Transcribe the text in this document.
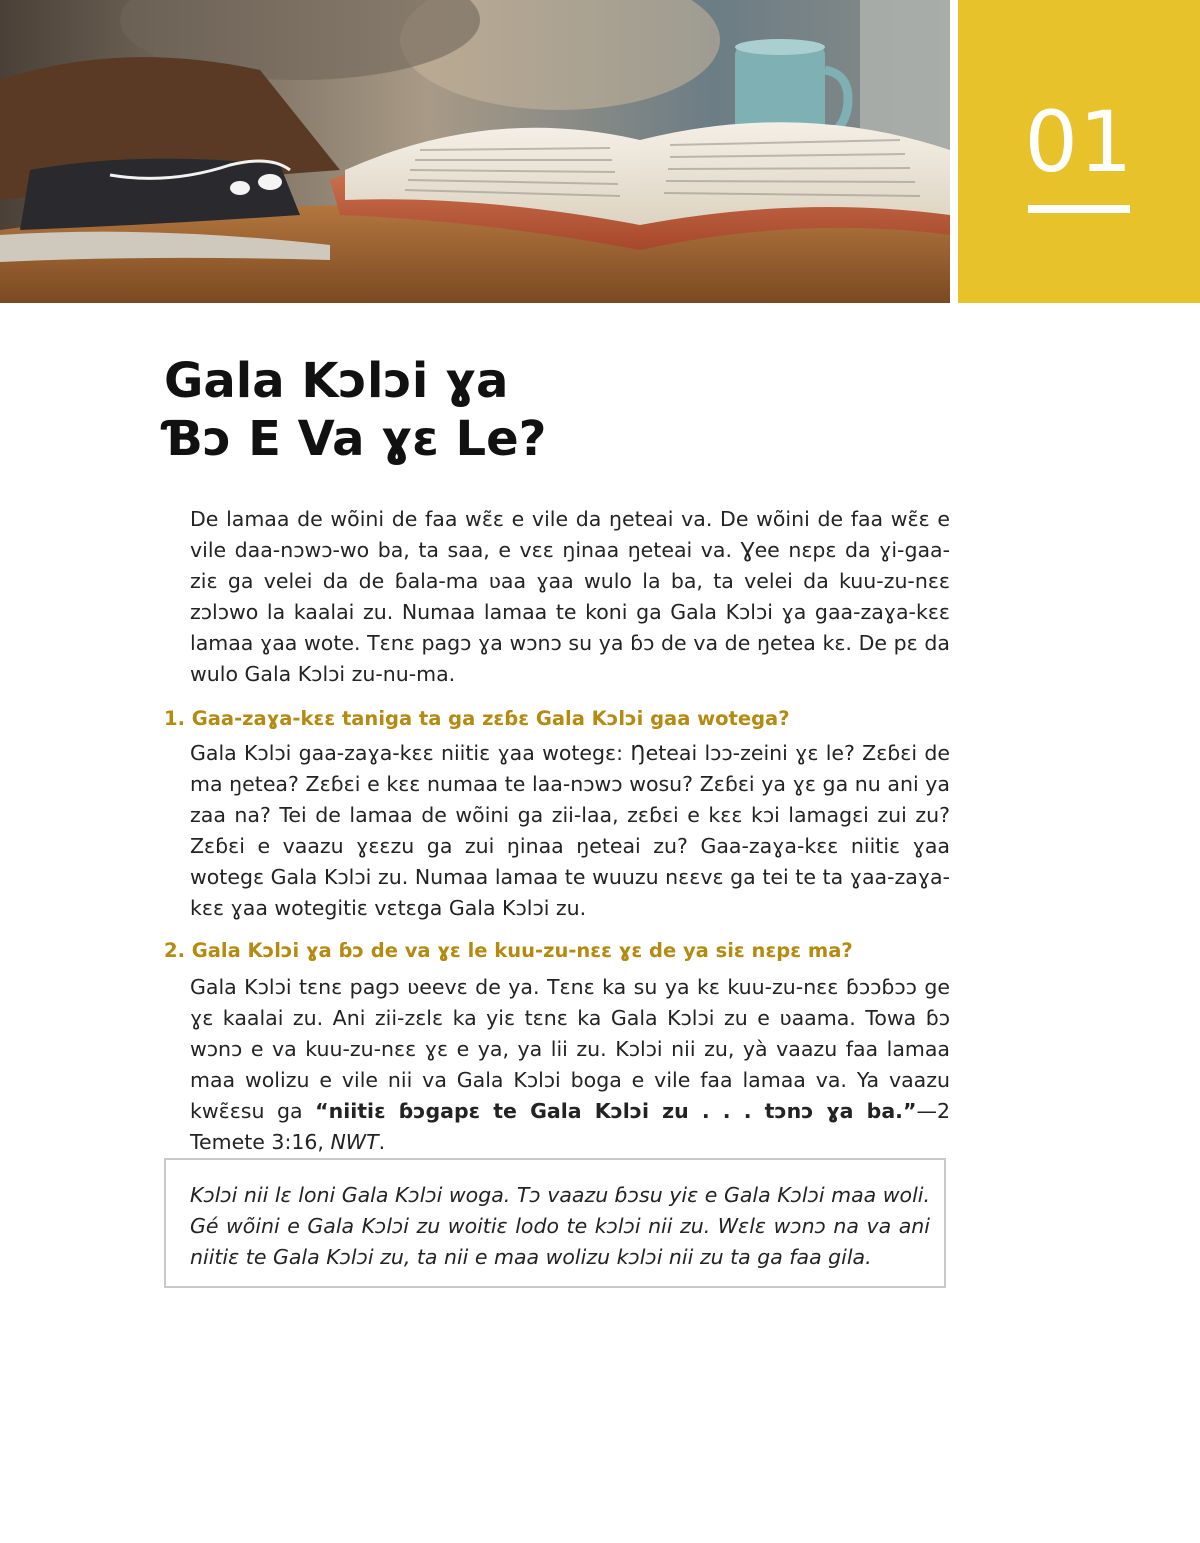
01
Gala Kɔlɔi ɣa
Ɓɔ E Va ɣɛ Le?

De lamaa de wõini de faa wɛ̃ɛ e vile da ŋeteai va. De wõini de faa wɛ̃ɛ e vile daa-nɔwɔ-wo ba, ta saa, e vɛɛ ŋinaa ŋeteai va. Ɣee nɛpɛ da ɣi-gaa-ziɛ ga velei da de ɓala-ma ʋaa ɣaa wulo la ba, ta velei da kuu-zu-nɛɛ zɔlɔwo la kaalai zu. Numaa lamaa te koni ga Gala Kɔlɔi ɣa gaa-zaɣa-kɛɛ lamaa ɣaa wote. Tɛnɛ pagɔ ɣa wɔnɔ su ya ɓɔ de va de ŋetea kɛ. De pɛ da wulo Gala Kɔlɔi zu-nu-ma.

1. Gaa-zaɣa-kɛɛ taniga ta ga zɛɓɛ Gala Kɔlɔi gaa wotega?

Gala Kɔlɔi gaa-zaɣa-kɛɛ niitiɛ ɣaa wotegɛ: Ŋeteai lɔɔ-zeini ɣɛ le? Zɛɓɛi de ma ŋetea? Zɛɓɛi e kɛɛ numaa te laa-nɔwɔ wosu? Zɛɓɛi ya ɣɛ ga nu ani ya zaa na? Tei de lamaa de wõini ga zii-laa, zɛɓɛi e kɛɛ kɔi lamagɛi zui zu? Zɛɓɛi e vaazu ɣɛɛzu ga zui ŋinaa ŋeteai zu? Gaa-zaɣa-kɛɛ niitiɛ ɣaa wotegɛ Gala Kɔlɔi zu. Numaa lamaa te wuuzu nɛɛvɛ ga tei te ta ɣaa-zaɣa-kɛɛ ɣaa wotegitiɛ vɛtɛga Gala Kɔlɔi zu.

2. Gala Kɔlɔi ɣa ɓɔ de va ɣɛ le kuu-zu-nɛɛ ɣɛ de ya siɛ nɛpɛ ma?

Gala Kɔlɔi tɛnɛ pagɔ ʋeevɛ de ya. Tɛnɛ ka su ya kɛ kuu-zu-nɛɛ ɓɔɔɓɔɔ ge ɣɛ kaalai zu. Ani zii-zɛlɛ ka yiɛ tɛnɛ ka Gala Kɔlɔi zu e ʋaama. Towa ɓɔ wɔnɔ e va kuu-zu-nɛɛ ɣɛ e ya, ya lii zu. Kɔlɔi nii zu, yà vaazu faa lamaa maa wolizu e vile nii va Gala Kɔlɔi boga e vile faa lamaa va. Ya vaazu kwɛ̃ɛsu ga “niitiɛ ɓɔgapɛ te Gala Kɔlɔi zu . . . tɔnɔ ɣa ba.”—2 Temete 3:16, NWT.

Kɔlɔi nii lɛ loni Gala Kɔlɔi woga. Tɔ vaazu ɓɔsu yiɛ e Gala Kɔlɔi maa woli. Gé wõini e Gala Kɔlɔi zu woitiɛ lodo te kɔlɔi nii zu. Wɛlɛ wɔnɔ na va ani niitiɛ te Gala Kɔlɔi zu, ta nii e maa wolizu kɔlɔi nii zu ta ga faa gila.
